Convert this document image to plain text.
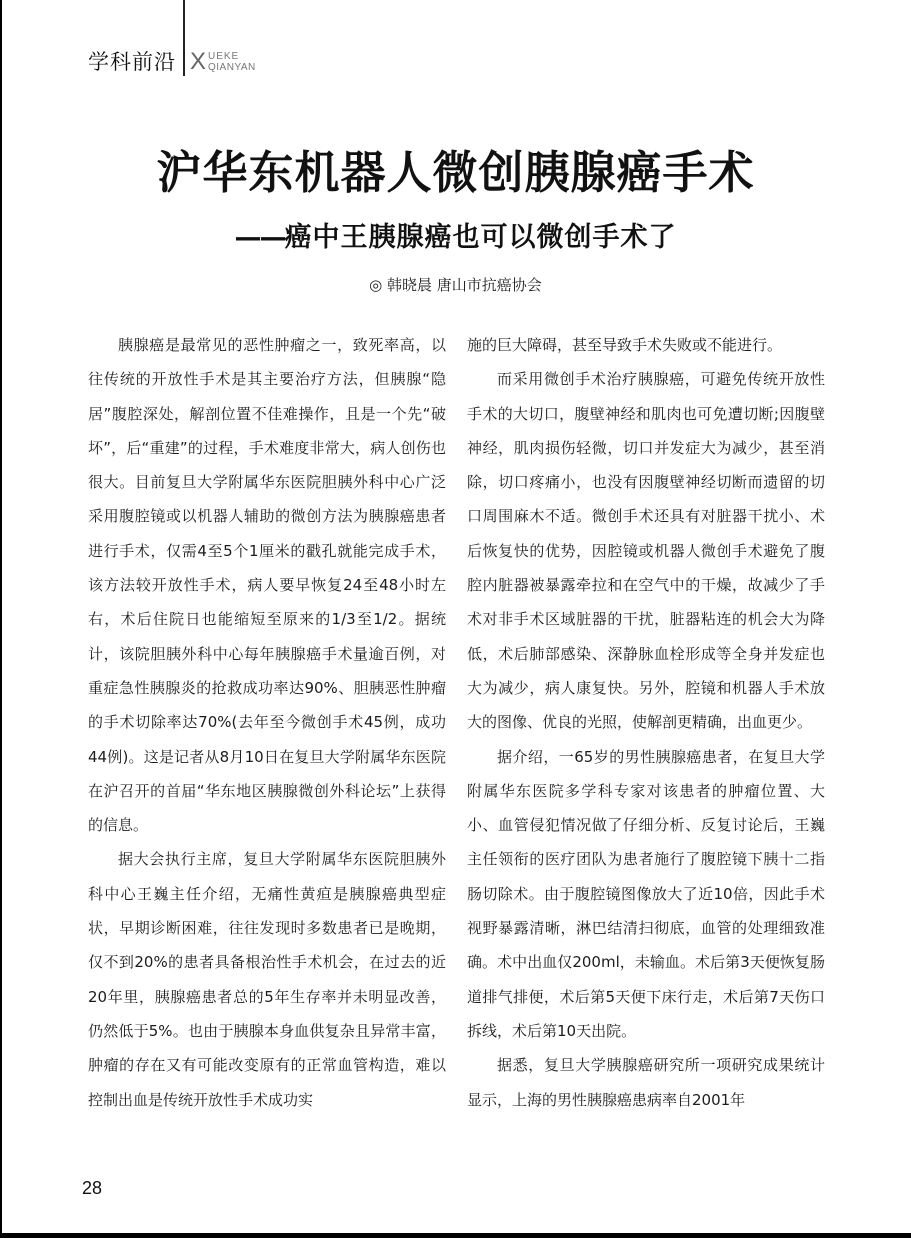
学科前沿 X UEKE
QIANYAN
沪华东机器人微创胰腺癌手术
——癌中王胰腺癌也可以微创手术了
◎ 韩晓晨 唐山市抗癌协会

胰腺癌是最常见的恶性肿瘤之一，致死率高，以往传统的开放性手术是其主要治疗方法，但胰腺“隐居”腹腔深处，解剖位置不佳难操作，且是一个先“破坏”，后“重建”的过程，手术难度非常大，病人创伤也很大。目前复旦大学附属华东医院胆胰外科中心广泛采用腹腔镜或以机器人辅助的微创方法为胰腺癌患者进行手术，仅需4至5个1厘米的戳孔就能完成手术，该方法较开放性手术，病人要早恢复24至48小时左右，术后住院日也能缩短至原来的1/3至1/2。据统计，该院胆胰外科中心每年胰腺癌手术量逾百例，对重症急性胰腺炎的抢救成功率达90%、胆胰恶性肿瘤的手术切除率达70%(去年至今微创手术45例，成功44例)。这是记者从8月10日在复旦大学附属华东医院在沪召开的首届“华东地区胰腺微创外科论坛”上获得的信息。

据大会执行主席，复旦大学附属华东医院胆胰外科中心王巍主任介绍，无痛性黄疸是胰腺癌典型症状，早期诊断困难，往往发现时多数患者已是晚期，仅不到20%的患者具备根治性手术机会，在过去的近20年里，胰腺癌患者总的5年生存率并未明显改善，仍然低于5%。也由于胰腺本身血供复杂且异常丰富，肿瘤的存在又有可能改变原有的正常血管构造，难以控制出血是传统开放性手术成功实

施的巨大障碍，甚至导致手术失败或不能进行。

而采用微创手术治疗胰腺癌，可避免传统开放性手术的大切口，腹壁神经和肌肉也可免遭切断;因腹壁神经，肌肉损伤轻微，切口并发症大为减少，甚至消除，切口疼痛小，也没有因腹壁神经切断而遗留的切口周围麻木不适。微创手术还具有对脏器干扰小、术后恢复快的优势，因腔镜或机器人微创手术避免了腹腔内脏器被暴露牵拉和在空气中的干燥，故减少了手术对非手术区域脏器的干扰，脏器粘连的机会大为降低，术后肺部感染、深静脉血栓形成等全身并发症也大为减少，病人康复快。另外，腔镜和机器人手术放大的图像、优良的光照，使解剖更精确，出血更少。

据介绍，一65岁的男性胰腺癌患者，在复旦大学附属华东医院多学科专家对该患者的肿瘤位置、大小、血管侵犯情况做了仔细分析、反复讨论后，王巍主任领衔的医疗团队为患者施行了腹腔镜下胰十二指肠切除术。由于腹腔镜图像放大了近10倍，因此手术视野暴露清晰，淋巴结清扫彻底，血管的处理细致准确。术中出血仅200ml，未输血。术后第3天便恢复肠道排气排便，术后第5天便下床行走，术后第7天伤口拆线，术后第10天出院。

据悉，复旦大学胰腺癌研究所一项研究成果统计显示，上海的男性胰腺癌患病率自2001年

28
